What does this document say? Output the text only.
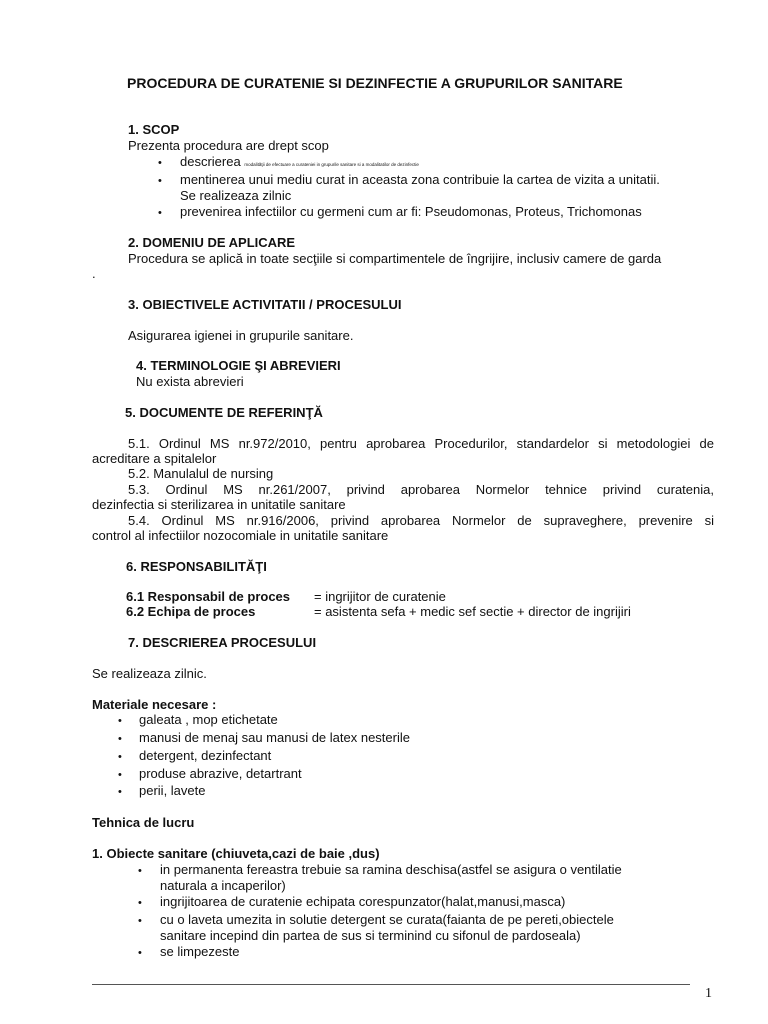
PROCEDURA DE CURATENIE SI DEZINFECTIE A GRUPURILOR SANITARE
1. SCOP
Prezenta procedura are drept scop
• descrierea modalităţii de efectuare a curateniei in grupurile sanitare si a modalitatilor de dezinfectie
• mentinerea unui mediu curat in aceasta zona contribuie la cartea de vizita a unitatii.
Se realizeaza zilnic
• prevenirea infectiilor cu germeni cum ar fi: Pseudomonas, Proteus, Trichomonas
2. DOMENIU DE APLICARE
Procedura se aplică in toate secţiile si compartimentele de îngrijire, inclusiv camere de garda
.
3. OBIECTIVELE ACTIVITATII / PROCESULUI
Asigurarea igienei in grupurile sanitare.
4. TERMINOLOGIE ŞI ABREVIERI
Nu exista abrevieri
5. DOCUMENTE DE REFERINŢĂ
5.1. Ordinul MS nr.972/2010, pentru aprobarea Procedurilor, standardelor si metodologiei de
acreditare a spitalelor
5.2. Manulalul de nursing
5.3. Ordinul MS nr.261/2007, privind aprobarea Normelor tehnice privind curatenia,
dezinfectia si sterilizarea in unitatile sanitare
5.4. Ordinul MS nr.916/2006, privind aprobarea Normelor de supraveghere, prevenire si
control al infectiilor nozocomiale in unitatile sanitare
6. RESPONSABILITĂŢI
6.1 Responsabil de proces = ingrijitor de curatenie
6.2 Echipa de proces	= asistenta sefa + medic sef sectie + director de ingrijiri
7. DESCRIEREA PROCESULUI
Se realizeaza zilnic.
Materiale necesare :
• galeata , mop etichetate
• manusi de menaj sau manusi de latex nesterile
• detergent, dezinfectant
• produse abrazive, detartrant
• perii, lavete
Tehnica de lucru
1. Obiecte sanitare (chiuveta,cazi de baie ,dus)
• in permanenta fereastra trebuie sa ramina deschisa(astfel se asigura o ventilatie
naturala a incaperilor)
• ingrijitoarea de curatenie echipata corespunzator(halat,manusi,masca)
• cu o laveta umezita in solutie detergent se curata(faianta de pe pereti,obiectele
sanitare incepind din partea de sus si terminind cu sifonul de pardoseala)
• se limpezeste
1
